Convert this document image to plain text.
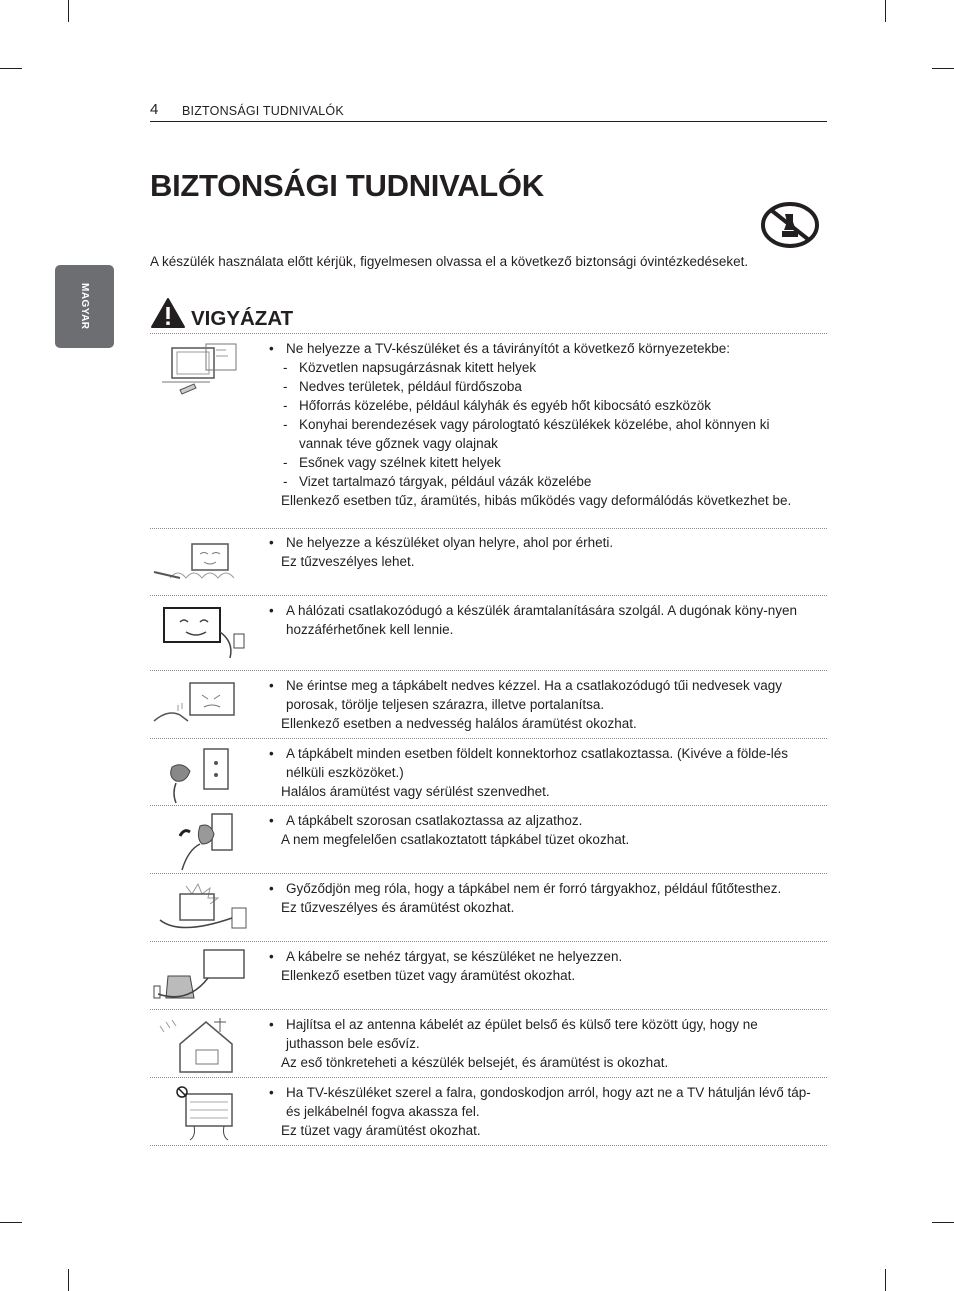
4 BIZTONSÁGI TUDNIVALÓK
BIZTONSÁGI TUDNIVALÓK
A készülék használata előtt kérjük, figyelmesen olvassa el a következő biztonsági óvintézkedéseket.
MAGYAR	VIGYÁZAT
• Ne helyezze a TV-készüléket és a távirányítót a következő környezetekbe:
- Közvetlen napsugárzásnak kitett helyek
- Nedves területek, például fürdőszoba
- Hőforrás közelébe, például kályhák és egyéb hőt kibocsátó eszközök
- Konyhai berendezések vagy párologtató készülékek közelébe, ahol könnyen ki vannak téve gőznek vagy olajnak
- Esőnek vagy szélnek kitett helyek
- Vizet tartalmazó tárgyak, például vázák közelébe
Ellenkező esetben tűz, áramütés, hibás működés vagy deformálódás következhet be.
• Ne helyezze a készüléket olyan helyre, ahol por érheti.
Ez tűzveszélyes lehet.
• A hálózati csatlakozódugó a készülék áramtalanítására szolgál. A dugónak köny-nyen hozzáférhetőnek kell lennie.
• Ne érintse meg a tápkábelt nedves kézzel. Ha a csatlakozódugó tűi nedvesek vagy porosak, törölje teljesen szárazra, illetve portalanítsa.
Ellenkező esetben a nedvesség halálos áramütést okozhat.
• A tápkábelt minden esetben földelt konnektorhoz csatlakoztassa. (Kivéve a földe-lés nélküli eszközöket.)
Halálos áramütést vagy sérülést szenvedhet.
• A tápkábelt szorosan csatlakoztassa az aljzathoz.
A nem megfelelően csatlakoztatott tápkábel tüzet okozhat.
• Győződjön meg róla, hogy a tápkábel nem ér forró tárgyakhoz, például fűtőtesthez.
Ez tűzveszélyes és áramütést okozhat.
• A kábelre se nehéz tárgyat, se készüléket ne helyezzen.
Ellenkező esetben tüzet vagy áramütést okozhat.
• Hajlítsa el az antenna kábelét az épület belső és külső tere között úgy, hogy ne juthasson bele esővíz.
Az eső tönkreteheti a készülék belsejét, és áramütést is okozhat.
• Ha TV-készüléket szerel a falra, gondoskodjon arról, hogy azt ne a TV hátulján lévő táp- és jelkábelnél fogva akassza fel.
Ez tüzet vagy áramütést okozhat.
